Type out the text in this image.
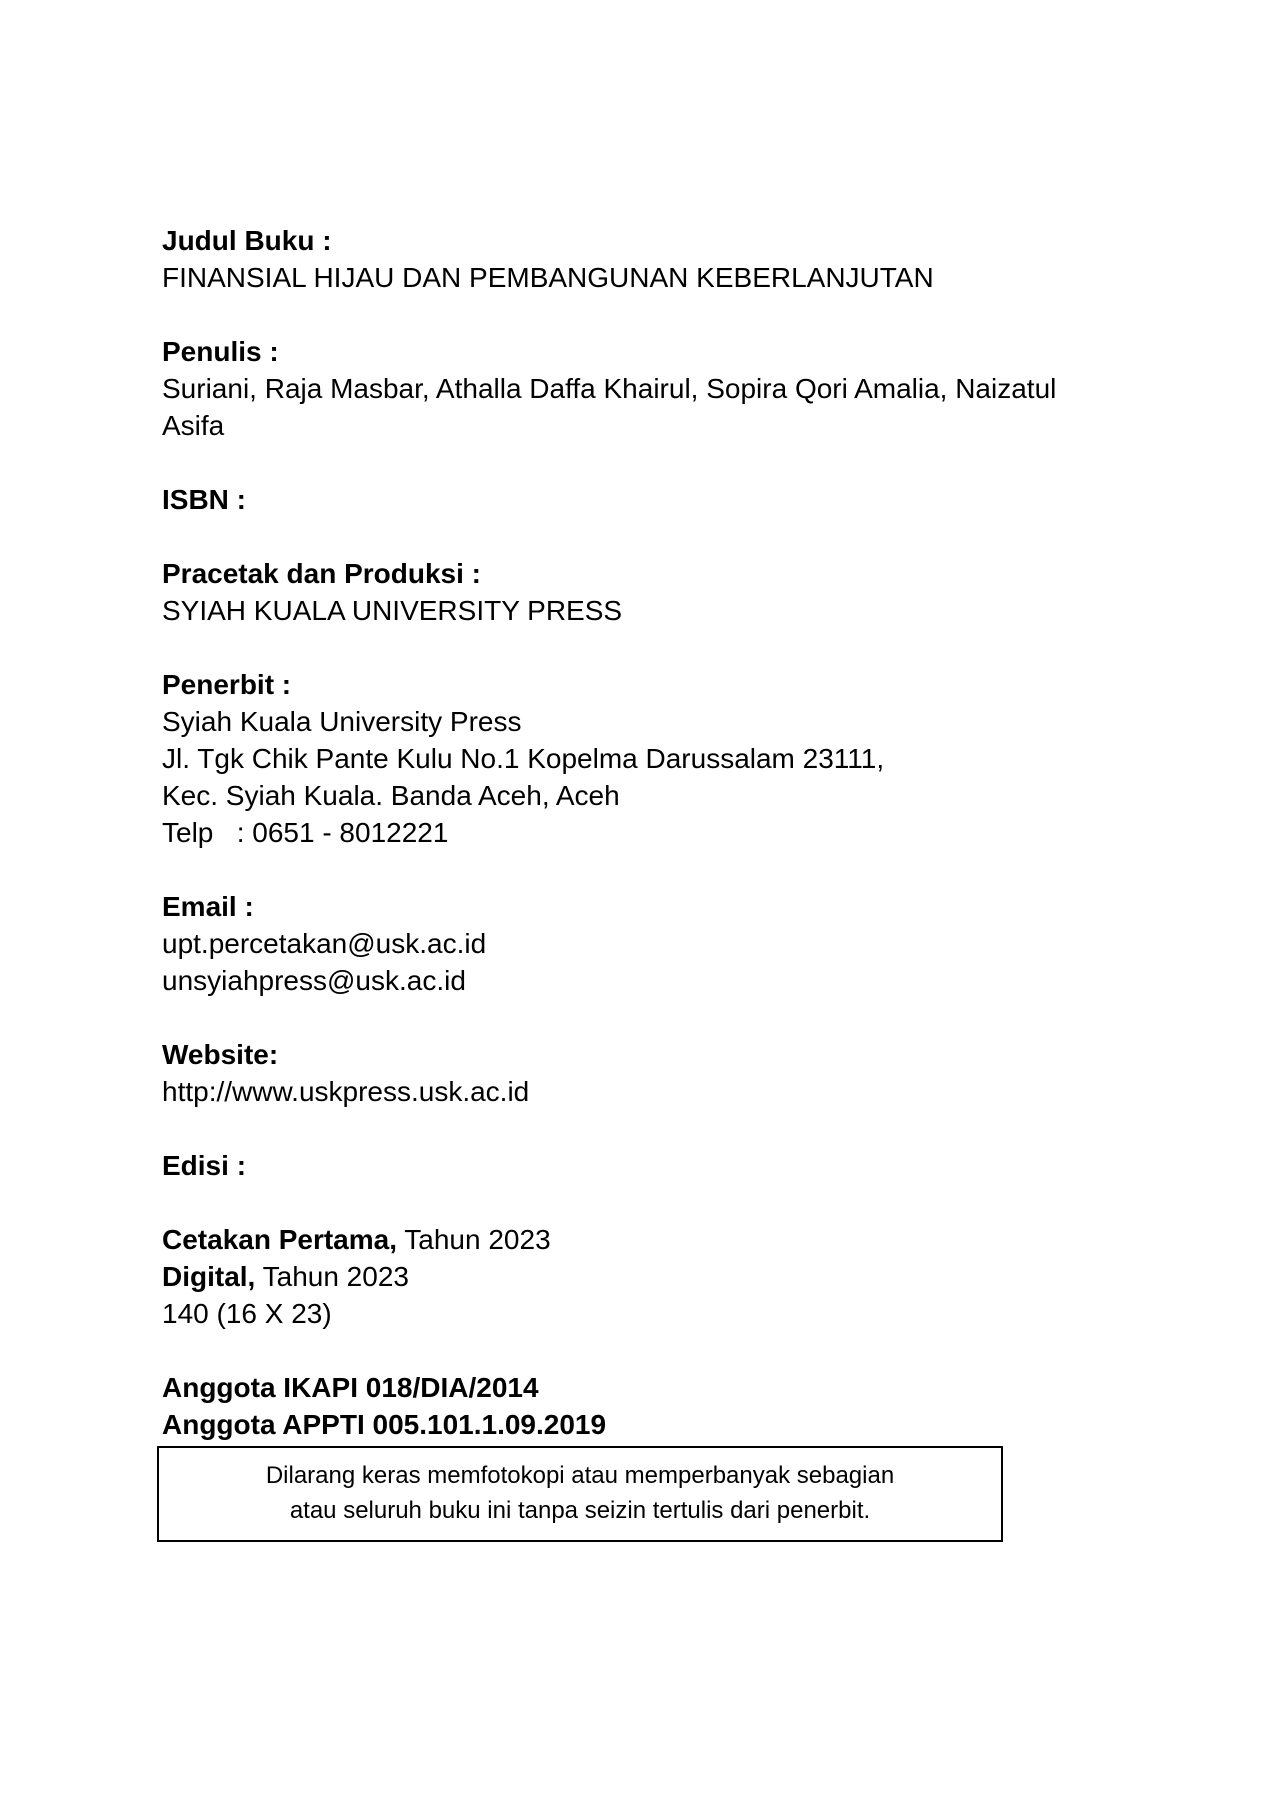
Judul Buku :
FINANSIAL HIJAU DAN PEMBANGUNAN KEBERLANJUTAN
Penulis :
Suriani, Raja Masbar, Athalla Daffa Khairul, Sopira Qori Amalia, Naizatul
Asifa
ISBN :
Pracetak dan Produksi :
SYIAH KUALA UNIVERSITY PRESS
Penerbit :
Syiah Kuala University Press
Jl. Tgk Chik Pante Kulu No.1 Kopelma Darussalam 23111,
Kec. Syiah Kuala. Banda Aceh, Aceh
Telp   : 0651 - 8012221
Email :
upt.percetakan@usk.ac.id
unsyiahpress@usk.ac.id
Website:
http://www.uskpress.usk.ac.id
Edisi :
Cetakan Pertama, Tahun 2023
Digital, Tahun 2023
140 (16 X 23)
Anggota IKAPI 018/DIA/2014
Anggota APPTI 005.101.1.09.2019
Dilarang keras memfotokopi atau memperbanyak sebagian
atau seluruh buku ini tanpa seizin tertulis dari penerbit.
